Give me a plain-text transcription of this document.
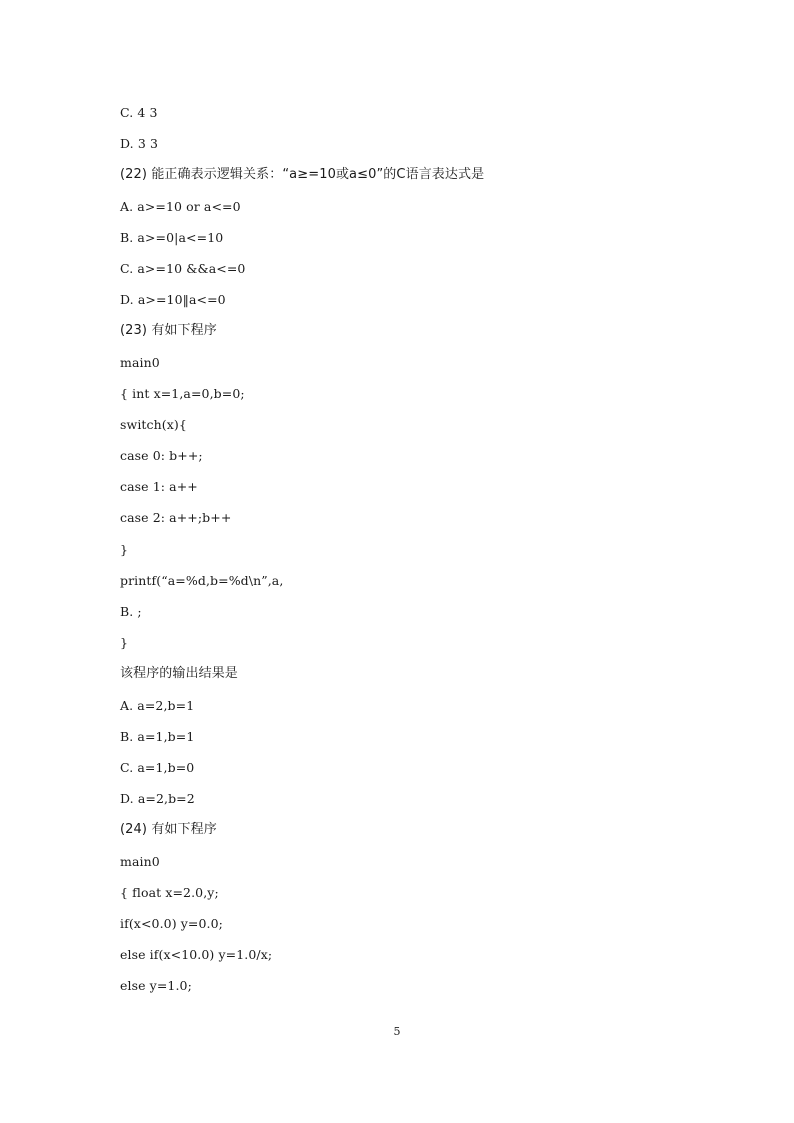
C. 4 3
D. 3 3
(22) 能正确表示逻辑关系：“a≥=10或a≤0”的C语言表达式是
A. a>=10 or a<=0
B. a>=0|a<=10
C. a>=10 &&a<=0
D. a>=10‖a<=0
(23) 有如下程序
main0
{ int x=1,a=0,b=0;
switch(x){
case 0: b++;
case 1: a++
case 2: a++;b++
}
printf(“a=%d,b=%d\n”,a,
B. ;
}
该程序的输出结果是
A. a=2,b=1
B. a=1,b=1
C. a=1,b=0
D. a=2,b=2
(24) 有如下程序
main0
{ float x=2.0,y;
if(x<0.0) y=0.0;
else if(x<10.0) y=1.0/x;
else y=1.0;
5
